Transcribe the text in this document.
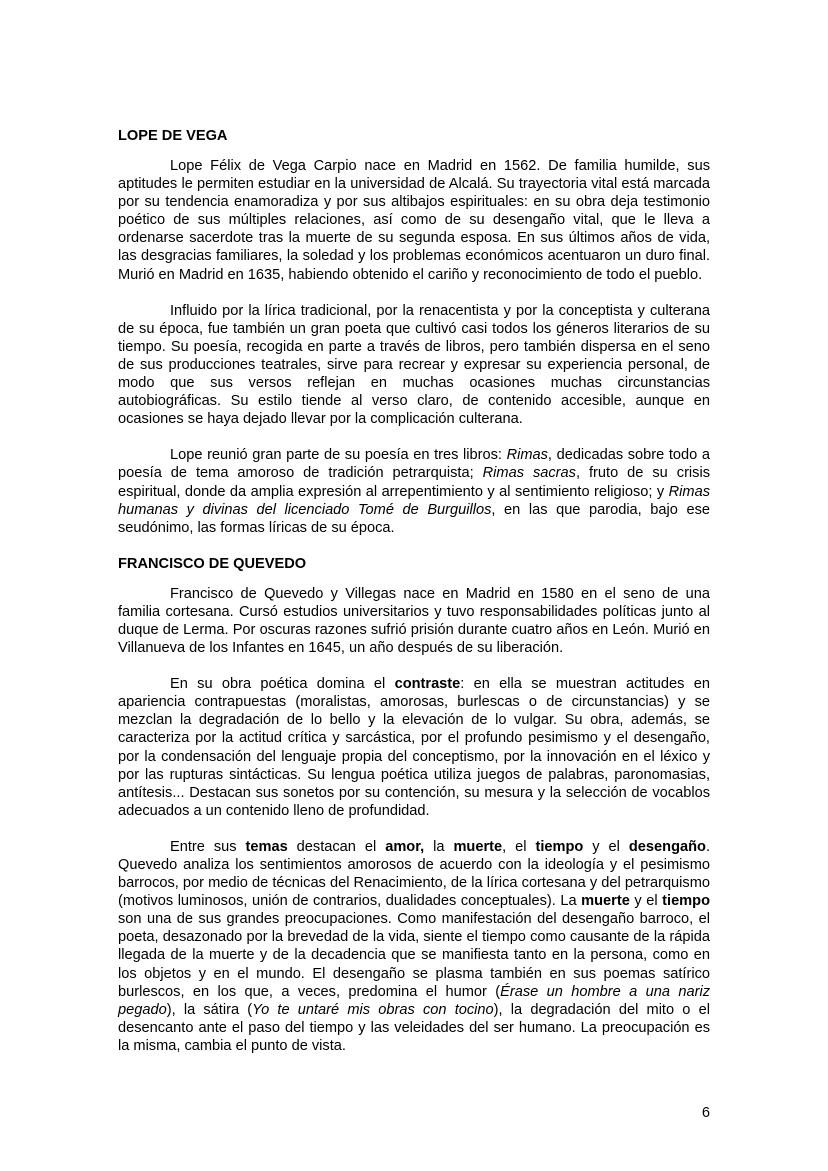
LOPE DE VEGA

Lope Félix de Vega Carpio nace en Madrid en 1562. De familia humilde, sus aptitudes le permiten estudiar en la universidad de Alcalá. Su trayectoria vital está marcada por su tendencia enamoradiza y por sus altibajos espirituales: en su obra deja testimonio poético de sus múltiples relaciones, así como de su desengaño vital, que le lleva a ordenarse sacerdote tras la muerte de su segunda esposa. En sus últimos años de vida, las desgracias familiares, la soledad y los problemas económicos acentuaron un duro final. Murió en Madrid en 1635, habiendo obtenido el cariño y reconocimiento de todo el pueblo.

Influido por la lírica tradicional, por la renacentista y por la conceptista y culterana de su época, fue también un gran poeta que cultivó casi todos los géneros literarios de su tiempo. Su poesía, recogida en parte a través de libros, pero también dispersa en el seno de sus producciones teatrales, sirve para recrear y expresar su experiencia personal, de modo que sus versos reflejan en muchas ocasiones muchas circunstancias autobiográficas. Su estilo tiende al verso claro, de contenido accesible, aunque en ocasiones se haya dejado llevar por la complicación culterana.

Lope reunió gran parte de su poesía en tres libros: Rimas, dedicadas sobre todo a poesía de tema amoroso de tradición petrarquista; Rimas sacras, fruto de su crisis espiritual, donde da amplia expresión al arrepentimiento y al sentimiento religioso; y Rimas humanas y divinas del licenciado Tomé de Burguillos, en las que parodia, bajo ese seudónimo, las formas líricas de su época.

FRANCISCO DE QUEVEDO

Francisco de Quevedo y Villegas nace en Madrid en 1580 en el seno de una familia cortesana. Cursó estudios universitarios y tuvo responsabilidades políticas junto al duque de Lerma. Por oscuras razones sufrió prisión durante cuatro años en León. Murió en Villanueva de los Infantes en 1645, un año después de su liberación.

En su obra poética domina el contraste: en ella se muestran actitudes en apariencia contrapuestas (moralistas, amorosas, burlescas o de circunstancias) y se mezclan la degradación de lo bello y la elevación de lo vulgar. Su obra, además, se caracteriza por la actitud crítica y sarcástica, por el profundo pesimismo y el desengaño, por la condensación del lenguaje propia del conceptismo, por la innovación en el léxico y por las rupturas sintácticas. Su lengua poética utiliza juegos de palabras, paronomasias, antítesis... Destacan sus sonetos por su contención, su mesura y la selección de vocablos adecuados a un contenido lleno de profundidad.

Entre sus temas destacan el amor, la muerte, el tiempo y el desengaño. Quevedo analiza los sentimientos amorosos de acuerdo con la ideología y el pesimismo barrocos, por medio de técnicas del Renacimiento, de la lírica cortesana y del petrarquismo (motivos luminosos, unión de contrarios, dualidades conceptuales). La muerte y el tiempo son una de sus grandes preocupaciones. Como manifestación del desengaño barroco, el poeta, desazonado por la brevedad de la vida, siente el tiempo como causante de la rápida llegada de la muerte y de la decadencia que se manifiesta tanto en la persona, como en los objetos y en el mundo. El desengaño se plasma también en sus poemas satírico burlescos, en los que, a veces, predomina el humor (Érase un hombre a una nariz pegado), la sátira (Yo te untaré mis obras con tocino), la degradación del mito o el desencanto ante el paso del tiempo y las veleidades del ser humano. La preocupación es la misma, cambia el punto de vista.

6
